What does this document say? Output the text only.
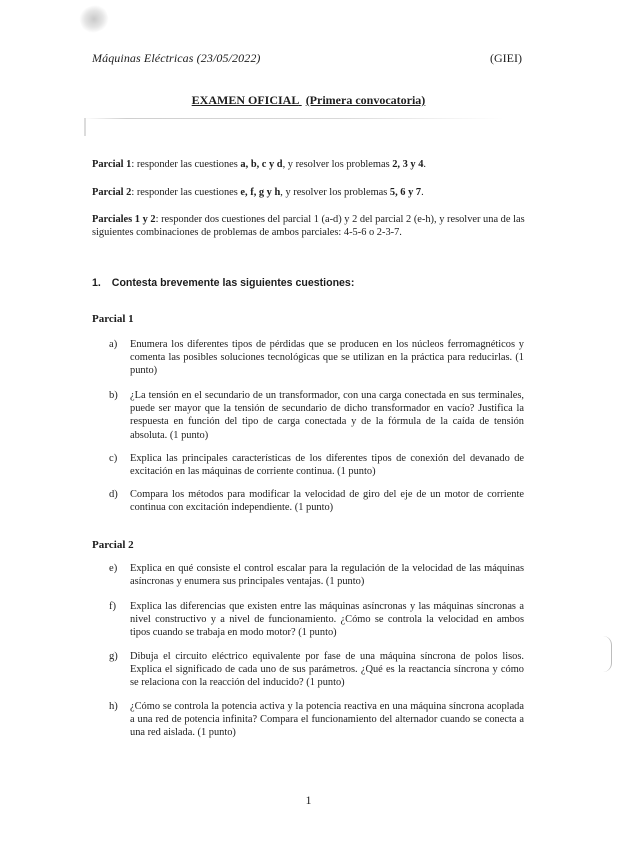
Máquinas Eléctricas (23/05/2022)	(GIEI)
EXAMEN OFICIAL (Primera convocatoria)
Parcial 1: responder las cuestiones a, b, c y d, y resolver los problemas 2, 3 y 4.
Parcial 2: responder las cuestiones e, f, g y h, y resolver los problemas 5, 6 y 7.
Parciales 1 y 2: responder dos cuestiones del parcial 1 (a-d) y 2 del parcial 2 (e-h), y resolver una de las siguientes combinaciones de problemas de ambos parciales: 4-5-6 o 2-3-7.
1. Contesta brevemente las siguientes cuestiones:
Parcial 1
a) Enumera los diferentes tipos de pérdidas que se producen en los núcleos ferromagnéticos y comenta las posibles soluciones tecnológicas que se utilizan en la práctica para reducirlas. (1 punto)
b) ¿La tensión en el secundario de un transformador, con una carga conectada en sus terminales, puede ser mayor que la tensión de secundario de dicho transformador en vacío? Justifica la respuesta en función del tipo de carga conectada y de la fórmula de la caída de tensión absoluta. (1 punto)
c) Explica las principales características de los diferentes tipos de conexión del devanado de excitación en las máquinas de corriente continua. (1 punto)
d) Compara los métodos para modificar la velocidad de giro del eje de un motor de corriente continua con excitación independiente. (1 punto)
Parcial 2
e) Explica en qué consiste el control escalar para la regulación de la velocidad de las máquinas asíncronas y enumera sus principales ventajas. (1 punto)
f) Explica las diferencias que existen entre las máquinas asíncronas y las máquinas síncronas a nivel constructivo y a nivel de funcionamiento. ¿Cómo se controla la velocidad en ambos tipos cuando se trabaja en modo motor? (1 punto)
g) Dibuja el circuito eléctrico equivalente por fase de una máquina síncrona de polos lisos. Explica el significado de cada uno de sus parámetros. ¿Qué es la reactancia síncrona y cómo se relaciona con la reacción del inducido? (1 punto)
h) ¿Cómo se controla la potencia activa y la potencia reactiva en una máquina síncrona acoplada a una red de potencia infinita? Compara el funcionamiento del alternador cuando se conecta a una red aislada. (1 punto)
1
